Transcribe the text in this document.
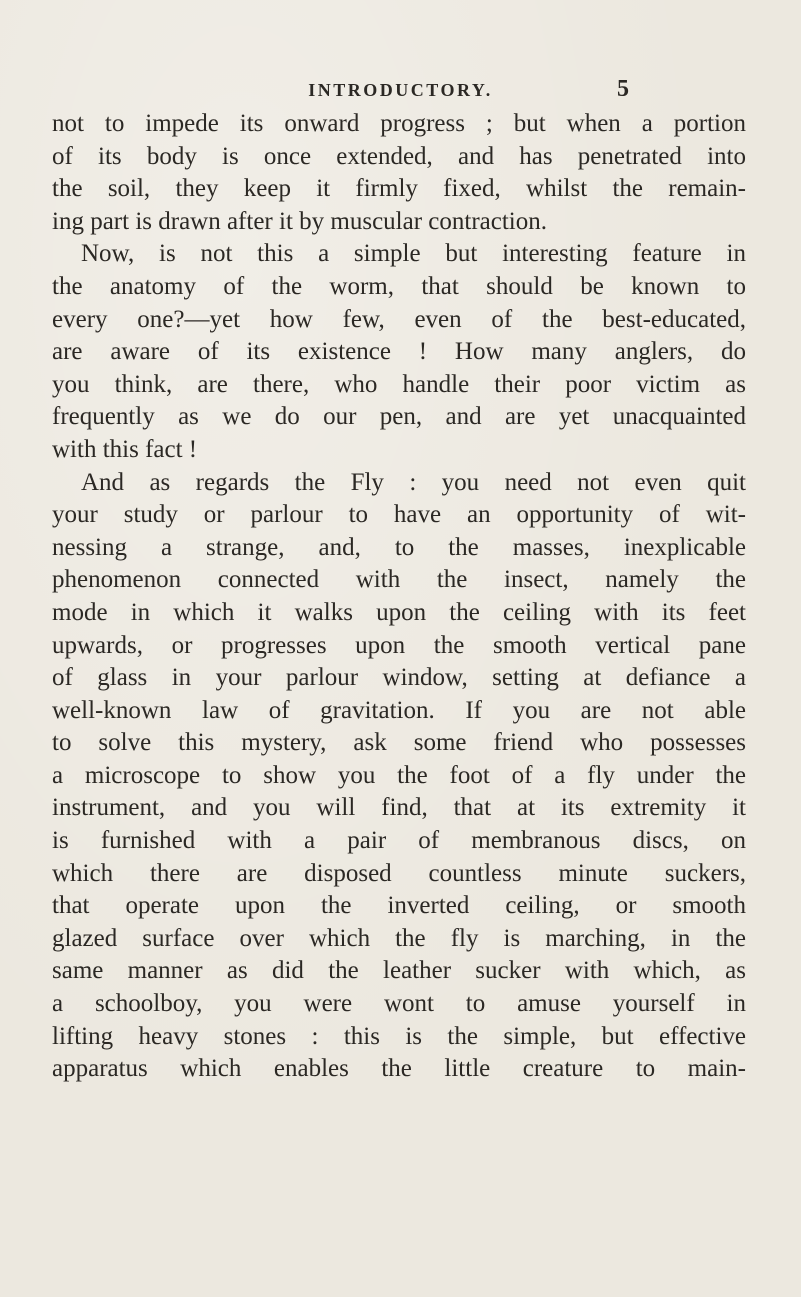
INTRODUCTORY.	5
not to impede its onward progress ; but when a portion
of its body is once extended, and has penetrated into
the soil, they keep it firmly fixed, whilst the remain-
ing part is drawn after it by muscular contraction.
Now, is not this a simple but interesting feature in
the anatomy of the worm, that should be known to
every one?—yet how few, even of the best-educated,
are aware of its existence ! How many anglers, do
you think, are there, who handle their poor victim as
frequently as we do our pen, and are yet unacquainted
with this fact !
And as regards the Fly : you need not even quit
your study or parlour to have an opportunity of wit-
nessing a strange, and, to the masses, inexplicable
phenomenon connected with the insect, namely the
mode in which it walks upon the ceiling with its feet
upwards, or progresses upon the smooth vertical pane
of glass in your parlour window, setting at defiance a
well-known law of gravitation. If you are not able
to solve this mystery, ask some friend who possesses
a microscope to show you the foot of a fly under the
instrument, and you will find, that at its extremity it
is furnished with a pair of membranous discs, on
which there are disposed countless minute suckers,
that operate upon the inverted ceiling, or smooth
glazed surface over which the fly is marching, in the
same manner as did the leather sucker with which, as
a schoolboy, you were wont to amuse yourself in
lifting heavy stones : this is the simple, but effective
apparatus which enables the little creature to main-
